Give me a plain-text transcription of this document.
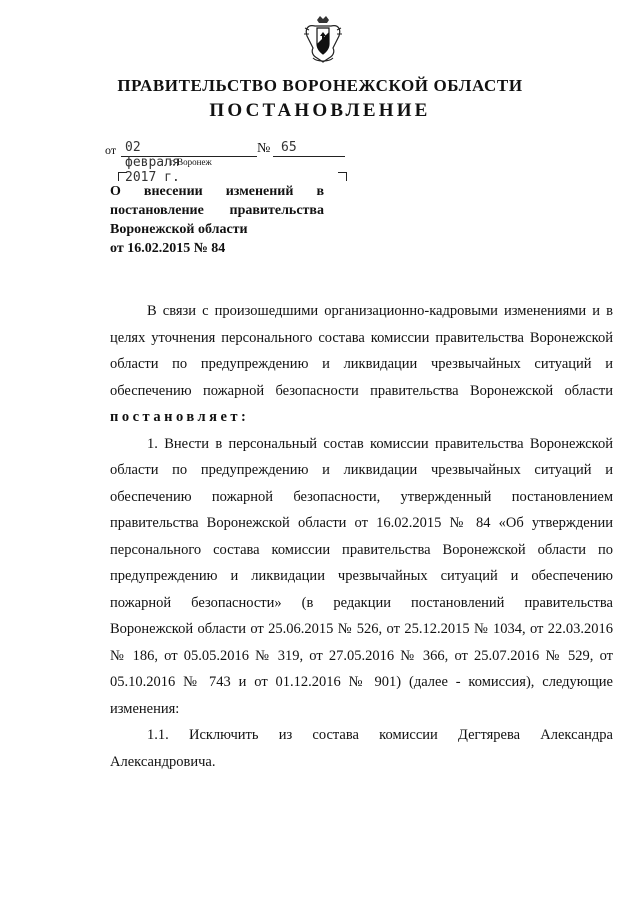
ПРАВИТЕЛЬСТВО ВОРОНЕЖСКОЙ ОБЛАСТИ
ПОСТАНОВЛЕНИЕ
от 02 февраля 2017 г.
№ 65
г. Воронеж
О внесении изменений в
постановление правительства
Воронежской области
от 16.02.2015 № 84

В связи с произошедшими организационно-кадровыми изменениями и в целях уточнения персонального состава комиссии правительства Воронежской области по предупреждению и ликвидации чрезвычайных ситуаций и обеспечению пожарной безопасности правительства Воронежской области постановляет:

1. Внести в персональный состав комиссии правительства Воронежской области по предупреждению и ликвидации чрезвычайных ситуаций и обеспечению пожарной безопасности, утвержденный постановлением правительства Воронежской области от 16.02.2015 № 84 «Об утверждении персонального состава комиссии правительства Воронежской области по предупреждению и ликвидации чрезвычайных ситуаций и обеспечению пожарной безопасности» (в редакции постановлений правительства Воронежской области от 25.06.2015 № 526, от 25.12.2015 № 1034, от 22.03.2016 № 186, от 05.05.2016 № 319, от 27.05.2016 № 366, от 25.07.2016 № 529, от 05.10.2016 № 743 и от 01.12.2016 № 901) (далее - комиссия), следующие изменения:

1.1. Исключить из состава комиссии Дегтярева Александра Александровича.
